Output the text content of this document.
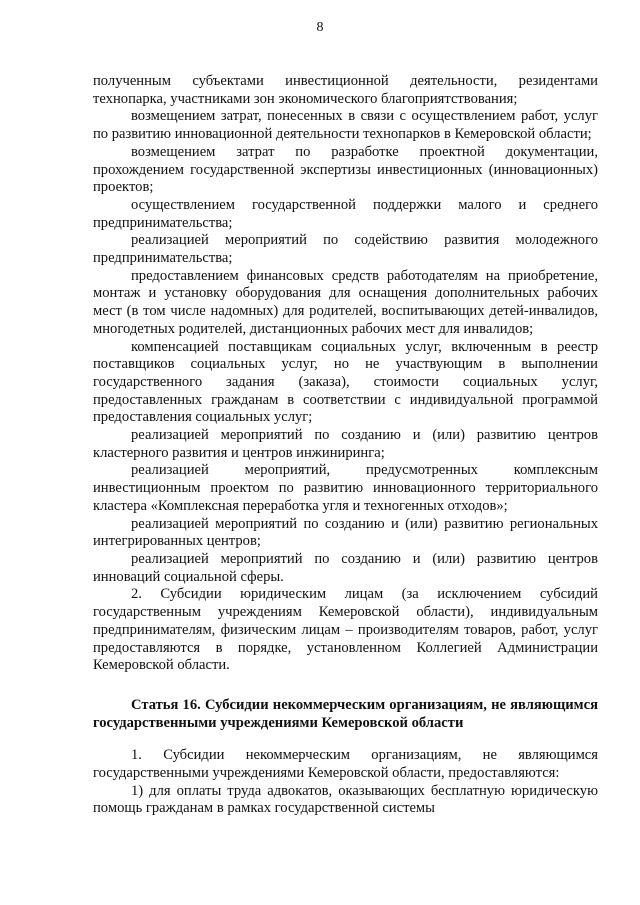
8

полученным субъектами инвестиционной деятельности, резидентами технопарка, участниками зон экономического благоприятствования;

возмещением затрат, понесенных в связи с осуществлением работ, услуг по развитию инновационной деятельности технопарков в Кемеровской области;

возмещением затрат по разработке проектной документации, прохождением государственной экспертизы инвестиционных (инновационных) проектов;

осуществлением государственной поддержки малого и среднего предпринимательства;

реализацией мероприятий по содействию развития молодежного предпринимательства;

предоставлением финансовых средств работодателям на приобретение, монтаж и установку оборудования для оснащения дополнительных рабочих мест (в том числе надомных) для родителей, воспитывающих детей-инвалидов, многодетных родителей, дистанционных рабочих мест для инвалидов;

компенсацией поставщикам социальных услуг, включенным в реестр поставщиков социальных услуг, но не участвующим в выполнении государственного задания (заказа), стоимости социальных услуг, предоставленных гражданам в соответствии с индивидуальной программой предоставления социальных услуг;

реализацией мероприятий по созданию и (или) развитию центров кластерного развития и центров инжиниринга;

реализацией мероприятий, предусмотренных комплексным инвестиционным проектом по развитию инновационного территориального кластера «Комплексная переработка угля и техногенных отходов»;

реализацией мероприятий по созданию и (или) развитию региональных интегрированных центров;

реализацией мероприятий по созданию и (или) развитию центров инноваций социальной сферы.

2. Субсидии юридическим лицам (за исключением субсидий государственным учреждениям Кемеровской области), индивидуальным предпринимателям, физическим лицам – производителям товаров, работ, услуг предоставляются в порядке, установленном Коллегией Администрации Кемеровской области.

Статья 16. Субсидии некоммерческим организациям, не являющимся государственными учреждениями Кемеровской области

1. Субсидии некоммерческим организациям, не являющимся государственными учреждениями Кемеровской области, предоставляются:

1) для оплаты труда адвокатов, оказывающих бесплатную юридическую помощь гражданам в рамках государственной системы
